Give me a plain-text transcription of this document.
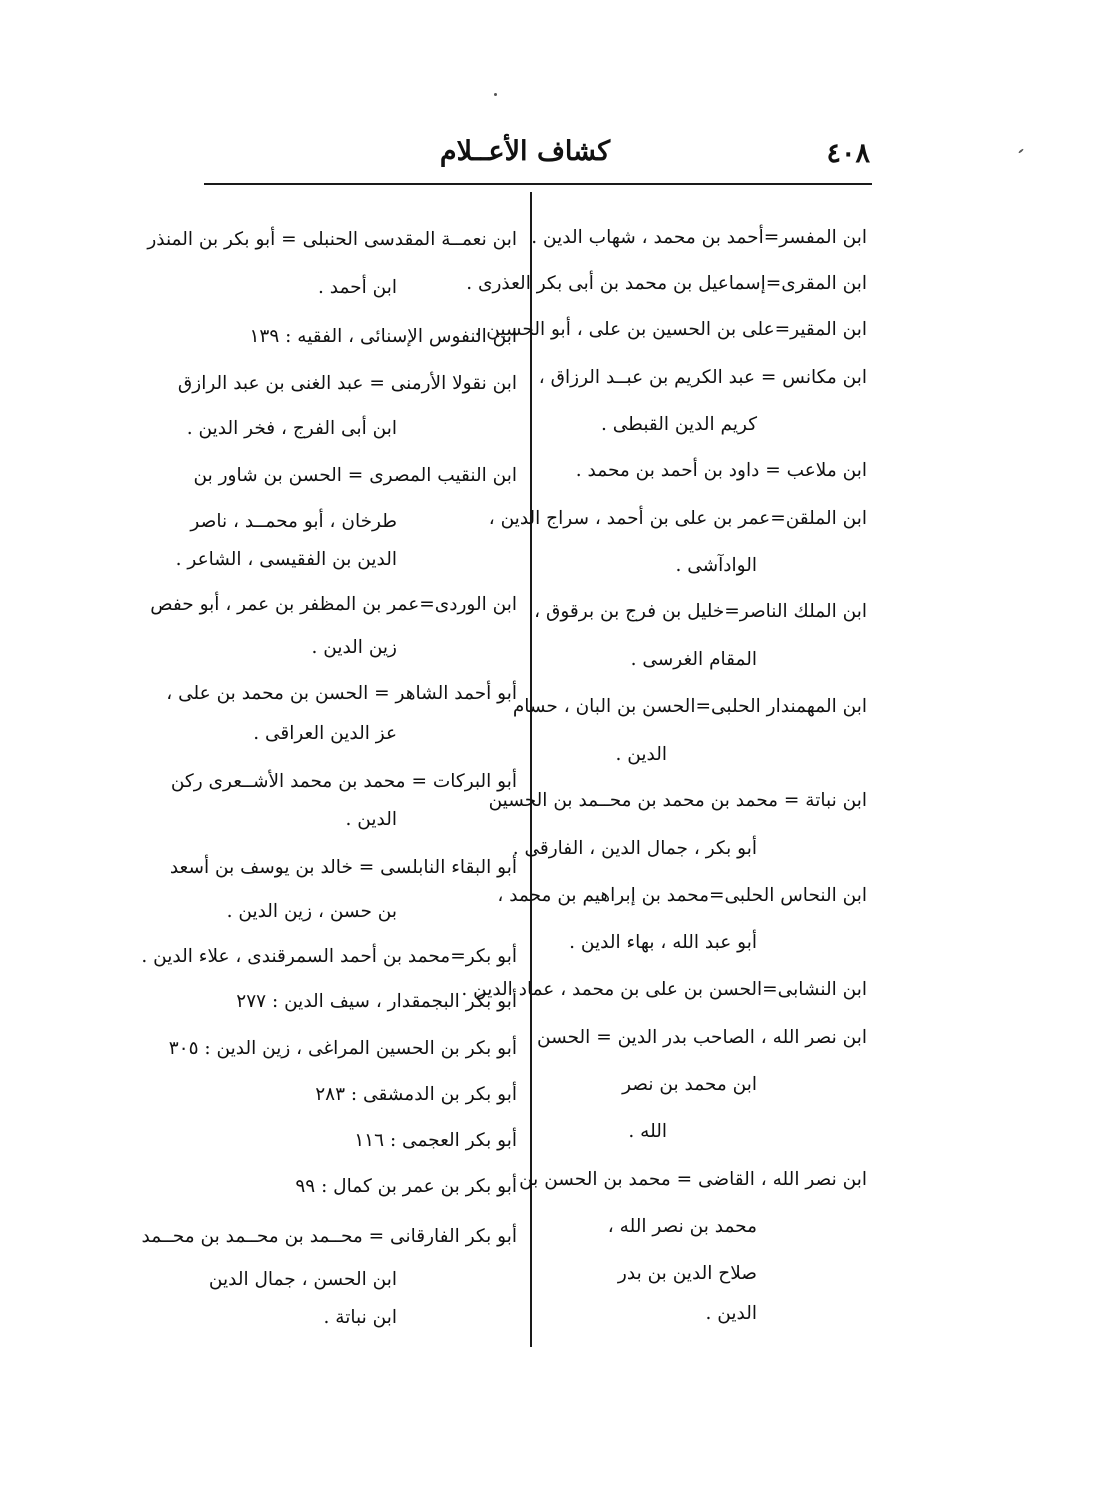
٤٠٨
كشاف الأعــلام
ابن المفسر=أحمد بن محمد ، شهاب الدين .
ابن المقرى=إسماعيل بن محمد بن أبى بكر العذرى .
ابن المقير=على بن الحسين بن على ، أبو الحسين .
ابن مكانس = عبد الكريم بن عبــد الرزاق ،
كريم الدين القبطى .
ابن ملاعب = داود بن أحمد بن محمد .
ابن الملقن=عمر بن على بن أحمد ، سراج الدين ،
الوادآشى .
ابن الملك الناصر=خليل بن فرج بن برقوق ،
المقام الغرسى .
ابن المهمندار الحلبى=الحسن بن البان ، حسام
الدين .
ابن نباتة = محمد بن محمد بن محــمد بن الحسين
أبو بكر ، جمال الدين ، الفارقى .
ابن النحاس الحلبى=محمد بن إبراهيم بن محمد ،
أبو عبد الله ، بهاء الدين .
ابن النشابى=الحسن بن على بن محمد ، عماد الدين .
ابن نصر الله ، الصاحب بدر الدين = الحسن
ابن محمد بن نصر
الله .
ابن نصر الله ، القاضى = محمد بن الحسن بن
محمد بن نصر الله ،
صلاح الدين بن بدر
الدين .
ابن نعمــة المقدسى الحنبلى = أبو بكر بن المنذر
ابن أحمد .
ابن النفوس الإسنائى ، الفقيه : ١٣٩
ابن نقولا الأرمنى = عبد الغنى بن عبد الرازق
ابن أبى الفرج ، فخر الدين .
ابن النقيب المصرى = الحسن بن شاور بن
طرخان ، أبو محمــد ، ناصر
الدين بن الفقيسى ، الشاعر .
ابن الوردى=عمر بن المظفر بن عمر ، أبو حفص
زين الدين .
أبو أحمد الشاهر = الحسن بن محمد بن على ،
عز الدين العراقى .
أبو البركات = محمد بن محمد الأشــعرى ركن
الدين .
أبو البقاء النابلسى = خالد بن يوسف بن أسعد
بن حسن ، زين الدين .
أبو بكر=محمد بن أحمد السمرقندى ، علاء الدين .
أبو بكر البجمقدار ، سيف الدين : ٢٧٧
أبو بكر بن الحسين المراغى ، زين الدين : ٣٠٥
أبو بكر بن الدمشقى : ٢٨٣
أبو بكر العجمى : ١١٦
أبو بكر بن عمر بن كمال : ٩٩
أبو بكر الفارقانى = محــمد بن محــمد بن محــمد
ابن الحسن ، جمال الدين
ابن نباتة .
